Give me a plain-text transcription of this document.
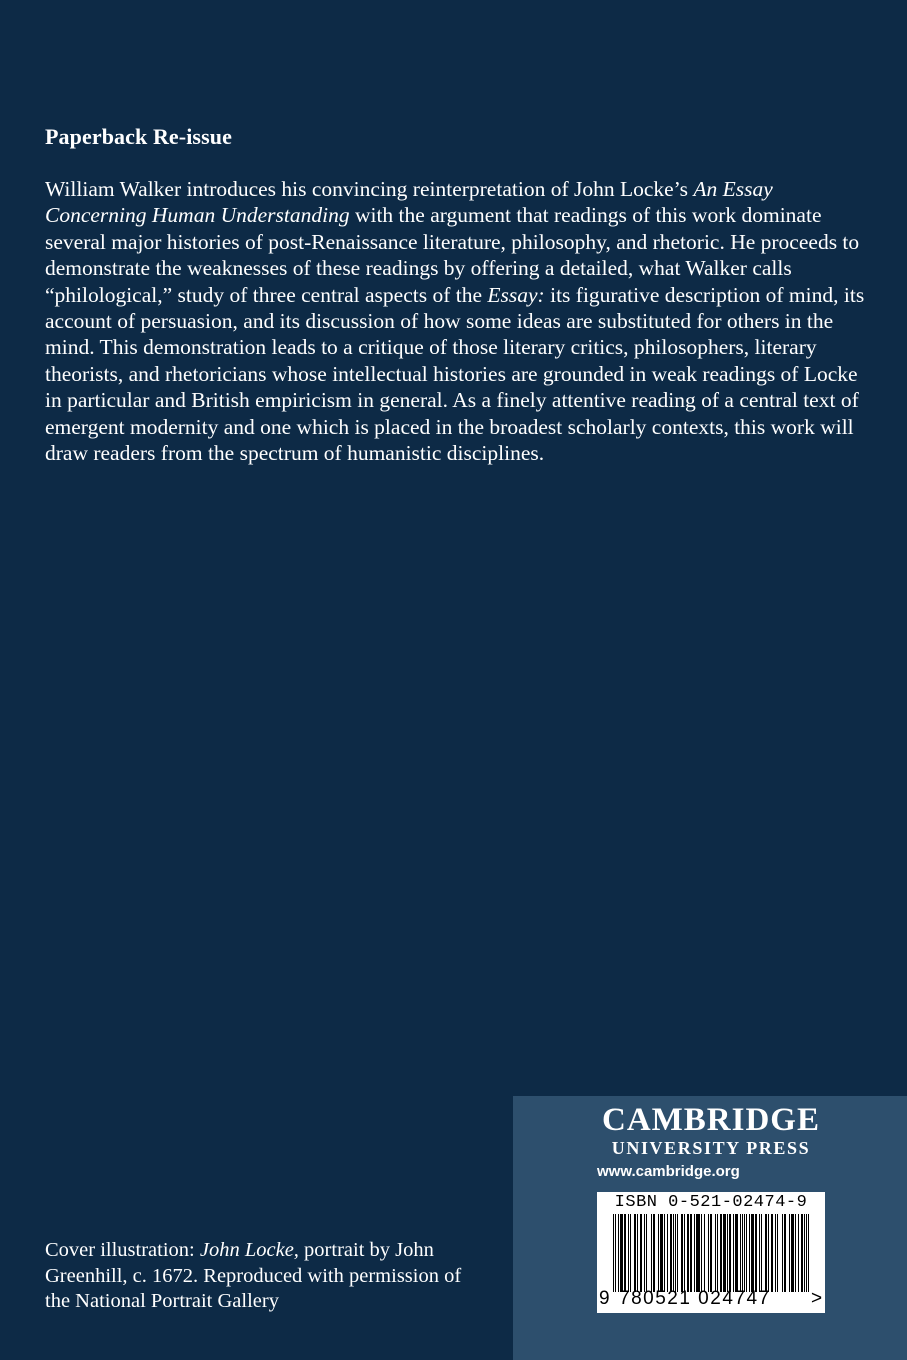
Paperback Re-issue

William Walker introduces his convincing reinterpretation of John Locke’s An Essay Concerning Human Understanding with the argument that readings of this work dominate several major histories of post-Renaissance literature, philosophy, and rhetoric. He proceeds to demonstrate the weaknesses of these readings by offering a detailed, what Walker calls “philological,” study of three central aspects of the Essay: its figurative description of mind, its account of persuasion, and its discussion of how some ideas are substituted for others in the mind. This demonstration leads to a critique of those literary critics, philosophers, literary theorists, and rhetoricians whose intellectual histories are grounded in weak readings of Locke in particular and British empiricism in general. As a finely attentive reading of a central text of emergent modernity and one which is placed in the broadest scholarly contexts, this work will draw readers from the spectrum of humanistic disciplines.

Cover illustration: John Locke, portrait by John Greenhill, c. 1672. Reproduced with permission of the National Portrait Gallery

CAMBRIDGE
UNIVERSITY PRESS
www.cambridge.org
ISBN 0-521-02474-9
9 780521 024747 >
